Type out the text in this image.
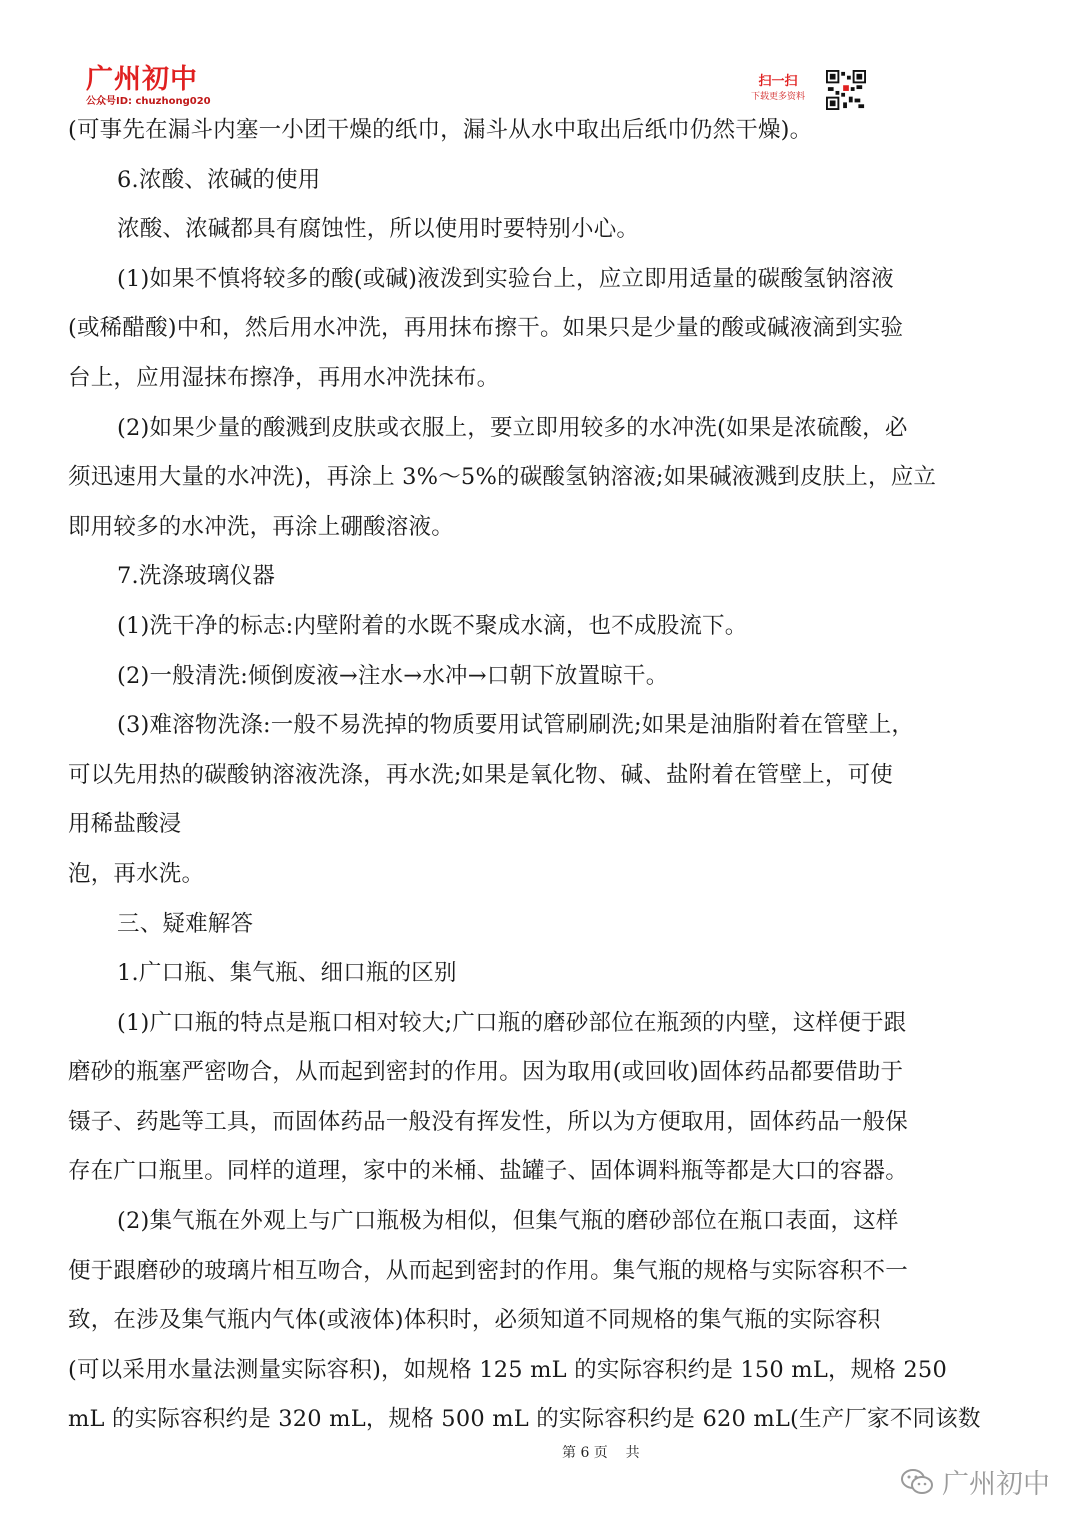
广州初中
公众号ID: chuzhong020
扫一扫
下载更多资料
(可事先在漏斗内塞一小团干燥的纸巾，漏斗从水中取出后纸巾仍然干燥)。
6.浓酸、浓碱的使用
浓酸、浓碱都具有腐蚀性，所以使用时要特别小心。
(1)如果不慎将较多的酸(或碱)液泼到实验台上，应立即用适量的碳酸氢钠溶液
(或稀醋酸)中和，然后用水冲洗，再用抹布擦干。如果只是少量的酸或碱液滴到实验
台上，应用湿抹布擦净，再用水冲洗抹布。
(2)如果少量的酸溅到皮肤或衣服上，要立即用较多的水冲洗(如果是浓硫酸，必
须迅速用大量的水冲洗)，再涂上 3%～5%的碳酸氢钠溶液;如果碱液溅到皮肤上，应立
即用较多的水冲洗，再涂上硼酸溶液。
7.洗涤玻璃仪器
(1)洗干净的标志:内壁附着的水既不聚成水滴，也不成股流下。
(2)一般清洗:倾倒废液→注水→水冲→口朝下放置晾干。
(3)难溶物洗涤:一般不易洗掉的物质要用试管刷刷洗;如果是油脂附着在管壁上，
可以先用热的碳酸钠溶液洗涤，再水洗;如果是氧化物、碱、盐附着在管壁上，可使
用稀盐酸浸
泡，再水洗。
三、疑难解答
1.广口瓶、集气瓶、细口瓶的区别
(1)广口瓶的特点是瓶口相对较大;广口瓶的磨砂部位在瓶颈的内壁，这样便于跟
磨砂的瓶塞严密吻合，从而起到密封的作用。因为取用(或回收)固体药品都要借助于
镊子、药匙等工具，而固体药品一般没有挥发性，所以为方便取用，固体药品一般保
存在广口瓶里。同样的道理，家中的米桶、盐罐子、固体调料瓶等都是大口的容器。
(2)集气瓶在外观上与广口瓶极为相似，但集气瓶的磨砂部位在瓶口表面，这样
便于跟磨砂的玻璃片相互吻合，从而起到密封的作用。集气瓶的规格与实际容积不一
致，在涉及集气瓶内气体(或液体)体积时，必须知道不同规格的集气瓶的实际容积
(可以采用水量法测量实际容积)，如规格 125 mL 的实际容积约是 150 mL，规格 250
mL 的实际容积约是 320 mL，规格 500 mL 的实际容积约是 620 mL(生产厂家不同该数
第 6 页    共
广州初中
